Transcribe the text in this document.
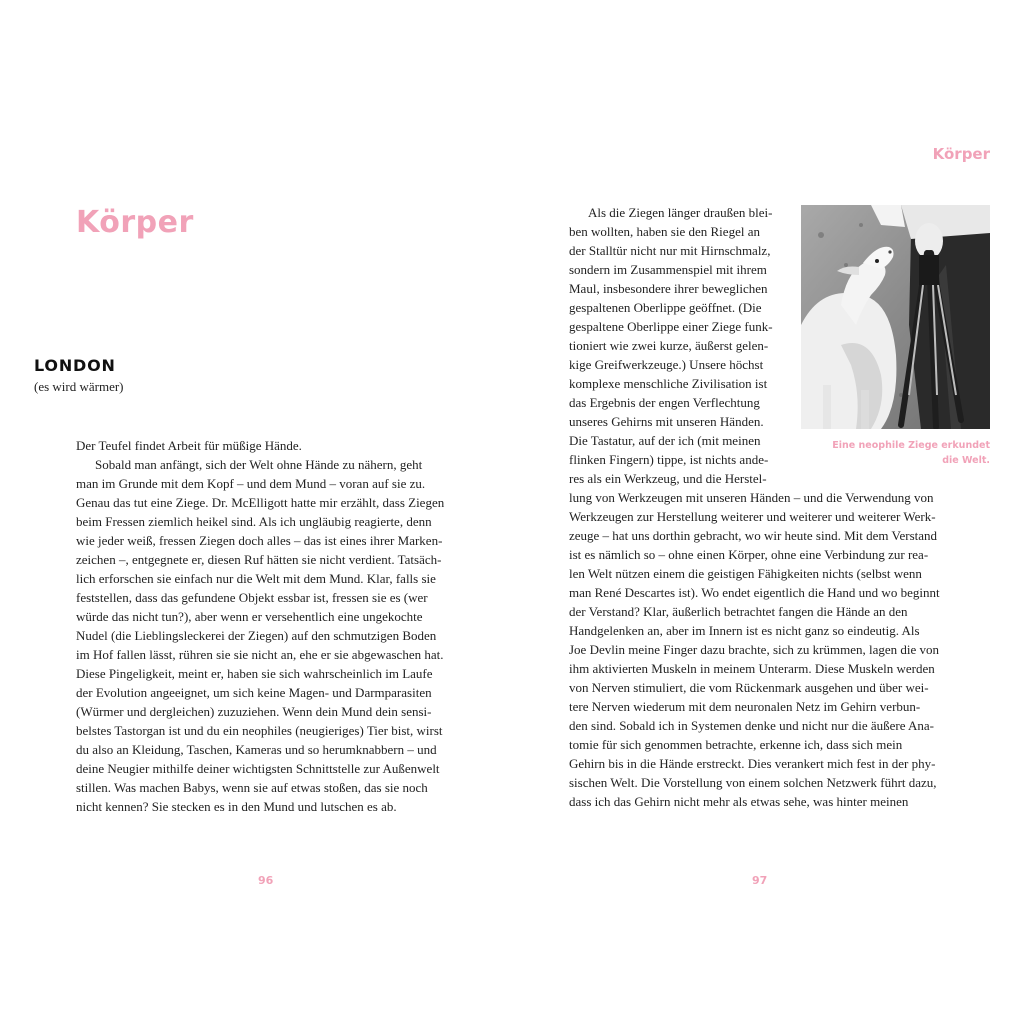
Körper
LONDON
(es wird wärmer)
Der Teufel findet Arbeit für müßige Hände.
Sobald man anfängt, sich der Welt ohne Hände zu nähern, geht
man im Grunde mit dem Kopf – und dem Mund – voran auf sie zu.
Genau das tut eine Ziege. Dr. McElligott hatte mir erzählt, dass Ziegen
beim Fressen ziemlich heikel sind. Als ich ungläubig reagierte, denn
wie jeder weiß, fressen Ziegen doch alles – das ist eines ihrer Marken-
zeichen –, entgegnete er, diesen Ruf hätten sie nicht verdient. Tatsäch-
lich erforschen sie einfach nur die Welt mit dem Mund. Klar, falls sie
feststellen, dass das gefundene Objekt essbar ist, fressen sie es (wer
würde das nicht tun?), aber wenn er versehentlich eine ungekochte
Nudel (die Lieblingsleckerei der Ziegen) auf den schmutzigen Boden
im Hof fallen lässt, rühren sie sie nicht an, ehe er sie abgewaschen hat.
Diese Pingeligkeit, meint er, haben sie sich wahrscheinlich im Laufe
der Evolution angeeignet, um sich keine Magen- und Darmparasiten
(Würmer und dergleichen) zuzuziehen. Wenn dein Mund dein sensi-
belstes Tastorgan ist und du ein neophiles (neugieriges) Tier bist, wirst
du also an Kleidung, Taschen, Kameras und so herumknabbern – und
deine Neugier mithilfe deiner wichtigsten Schnittstelle zur Außenwelt
stillen. Was machen Babys, wenn sie auf etwas stoßen, das sie noch
nicht kennen? Sie stecken es in den Mund und lutschen es ab.
96
Körper
Als die Ziegen länger draußen blei-
ben wollten, haben sie den Riegel an
der Stalltür nicht nur mit Hirnschmalz,
sondern im Zusammenspiel mit ihrem
Maul, insbesondere ihrer beweglichen
gespaltenen Oberlippe geöffnet. (Die
gespaltene Oberlippe einer Ziege funk-
tioniert wie zwei kurze, äußerst gelen-
kige Greifwerkzeuge.) Unsere höchst
komplexe menschliche Zivilisation ist
das Ergebnis der engen Verflechtung
unseres Gehirns mit unseren Händen.
Die Tastatur, auf der ich (mit meinen
flinken Fingern) tippe, ist nichts ande-
res als ein Werkzeug, und die Herstel-
lung von Werkzeugen mit unseren Händen – und die Verwendung von
Werkzeugen zur Herstellung weiterer und weiterer und weiterer Werk-
zeuge – hat uns dorthin gebracht, wo wir heute sind. Mit dem Verstand
ist es nämlich so – ohne einen Körper, ohne eine Verbindung zur rea-
len Welt nützen einem die geistigen Fähigkeiten nichts (selbst wenn
man René Descartes ist). Wo endet eigentlich die Hand und wo beginnt
der Verstand? Klar, äußerlich betrachtet fangen die Hände an den
Handgelenken an, aber im Innern ist es nicht ganz so eindeutig. Als
Joe Devlin meine Finger dazu brachte, sich zu krümmen, lagen die von
ihm aktivierten Muskeln in meinem Unterarm. Diese Muskeln werden
von Nerven stimuliert, die vom Rückenmark ausgehen und über wei-
tere Nerven wiederum mit dem neuronalen Netz im Gehirn verbun-
den sind. Sobald ich in Systemen denke und nicht nur die äußere Ana-
tomie für sich genommen betrachte, erkenne ich, dass sich mein
Gehirn bis in die Hände erstreckt. Dies verankert mich fest in der phy-
sischen Welt. Die Vorstellung von einem solchen Netzwerk führt dazu,
dass ich das Gehirn nicht mehr als etwas sehe, was hinter meinen
Eine neophile Ziege erkundet
die Welt.
97
